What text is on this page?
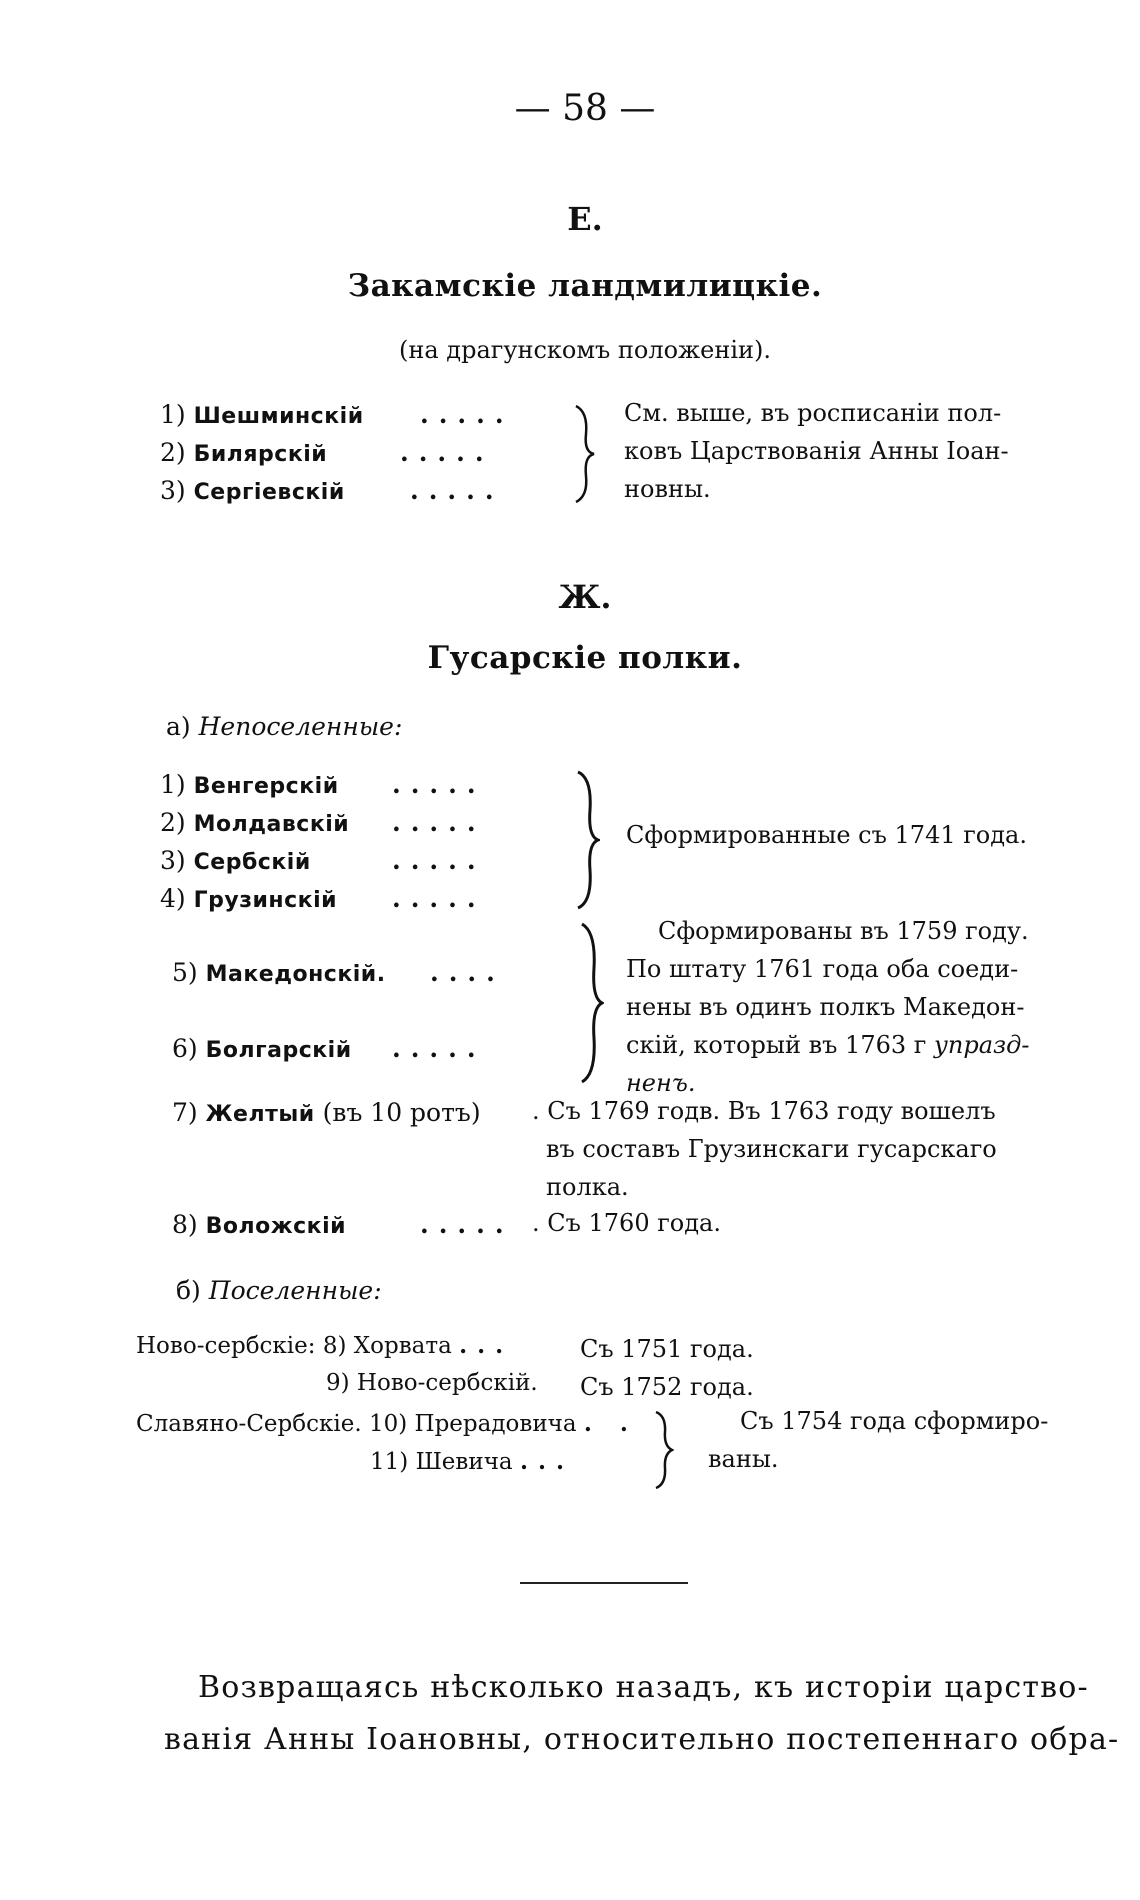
— 58 —
Е.
Закамскіе ландмилицкіе.
(на драгунскомъ положеніи).
1) Шешминскій .....
2) Билярскій	.....
3) Сергіевскій	.....
См. выше, въ росписаніи пол-
ковъ Царствованія Анны Іоан-
новны.
Ж.
Гусарскіе полки.
а) Непоселенные:
1) Венгерскій .....
2) Молдавскій .....
3) Сербскій	.....
4) Грузинскій .....
Сформированные съ 1741 года.
5) Македонскій. ....
6) Болгарскій .....
Сформированы въ 1759 году.
По штату 1761 года оба соеди-
нены въ одинъ полкъ Македон-
скій, который въ 1763 г упразд-
ненъ.
7) Желтый (въ 10 ротъ) . Съ 1769 годв. Въ 1763 году вошелъ
въ составъ Грузинскаги гусарскаго
полка.
8) Воложскій	..... . Съ 1760 года.
б) Поселенные:
Ново-сербскіе: 8) Хорвата ...	Съ 1751 года.
9) Ново-сербскій. Съ 1752 года.
Славяно-Сербскіе. 10) Прерадовича . .
11) Шевича ...
Съ 1754 года сформиро-
ваны.
Возвращаясь нѣсколько назадъ, къ исторіи царство-
ванія Анны Іоановны, относительно постепеннаго обра-
